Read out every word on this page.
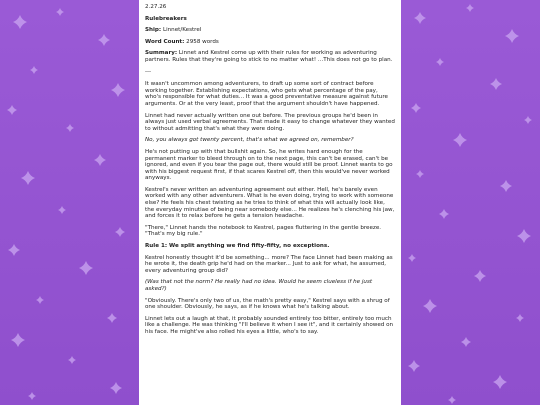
2.27.26

Rulebreakers

Ship: Linnet/Kestrel

Word Count: 2958 words

Summary: Linnet and Kestrel come up with their rules for working as adventuring partners. Rules that they're going to stick to no matter what! ...This does not go to plan.

---

It wasn't uncommon among adventurers, to draft up some sort of contract before working together. Establishing expectations, who gets what percentage of the pay, who's responsible for what duties... It was a good preventative measure against future arguments. Or at the very least, proof that the argument shouldn't have happened.

Linnet had never actually written one out before. The previous groups he'd been in always just used verbal agreements. That made it easy to change whatever they wanted to without admitting that's what they were doing.

No, you always got twenty percent, that's what we agreed on, remember?

He's not putting up with that bullshit again. So, he writes hard enough for the permanent marker to bleed through on to the next page, this can't be erased, can't be ignored, and even if you tear the page out, there would still be proof. Linnet wants to go with his biggest request first, if that scares Kestrel off, then this would've never worked anyways.

Kestrel's never written an adventuring agreement out either. Hell, he's barely even worked with any other adventurers. What is he even doing, trying to work with someone else? He feels his chest twisting as he tries to think of what this will actually look like, the everyday minutiae of being near somebody else... He realizes he's clenching his jaw, and forces it to relax before he gets a tension headache.

"There," Linnet hands the notebook to Kestrel, pages fluttering in the gentle breeze. "That's my big rule."

Rule 1: We split anything we find fifty-fifty, no exceptions.

Kestrel honestly thought it'd be something... more? The face Linnet had been making as he wrote it, the death grip he'd had on the marker... Just to ask for what, he assumed, every adventuring group did?

(Was that not the norm? He really had no idea. Would he seem clueless if he just asked?)

"Obviously. There's only two of us, the math's pretty easy," Kestrel says with a shrug of one shoulder. Obviously, he says, as if he knows what he's talking about.

Linnet lets out a laugh at that, it probably sounded entirely too bitter, entirely too much like a challenge. He was thinking "I'll believe it when I see it", and it certainly showed on his face. He might've also rolled his eyes a little, who's to say.
